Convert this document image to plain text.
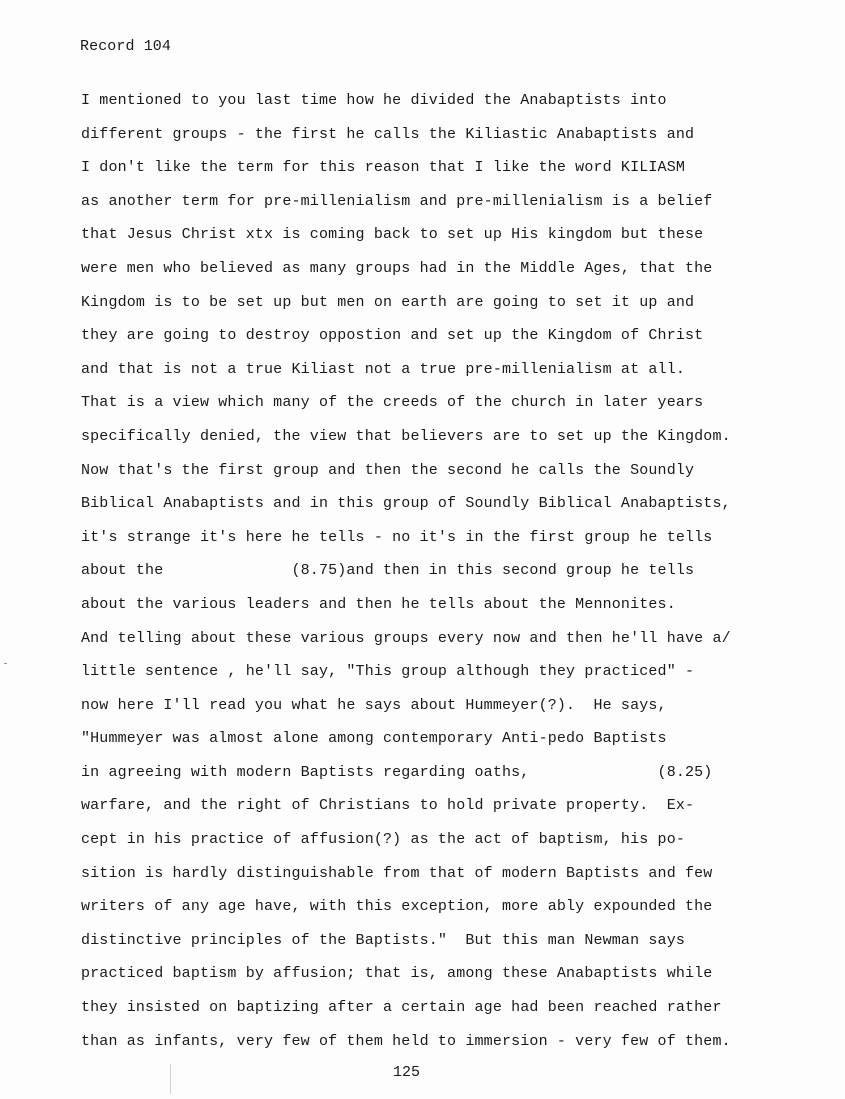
Record 104
I mentioned to you last time how he divided the Anabaptists into
different groups - the first he calls the Kiliastic Anabaptists and
I don't like the term for this reason that I like the word KILIASM
as another term for pre-millenialism and pre-millenialism is a belief
that Jesus Christ xtx is coming back to set up His kingdom but these
were men who believed as many groups had in the Middle Ages, that the
Kingdom is to be set up but men on earth are going to set it up and
they are going to destroy oppostion and set up the Kingdom of Christ
and that is not a true Kiliast not a true pre-millenialism at all.
That is a view which many of the creeds of the church in later years
specifically denied, the view that believers are to set up the Kingdom.
Now that's the first group and then the second he calls the Soundly
Biblical Anabaptists and in this group of Soundly Biblical Anabaptists,
it's strange it's here he tells - no it's in the first group he tells
about the              (8.75)and then in this second group he tells
about the various leaders and then he tells about the Mennonites.
And telling about these various groups every now and then he'll have a/
little sentence , he'll say, "This group although they practiced" -
now here I'll read you what he says about Hummeyer(?).  He says,
"Hummeyer was almost alone among contemporary Anti-pedo Baptists
in agreeing with modern Baptists regarding oaths,              (8.25)
warfare, and the right of Christians to hold private property.  Ex-
cept in his practice of affusion(?) as the act of baptism, his po-
sition is hardly distinguishable from that of modern Baptists and few
writers of any age have, with this exception, more ably expounded the
distinctive principles of the Baptists."  But this man Newman says
practiced baptism by affusion; that is, among these Anabaptists while
they insisted on baptizing after a certain age had been reached rather
than as infants, very few of them held to immersion - very few of them.
125
